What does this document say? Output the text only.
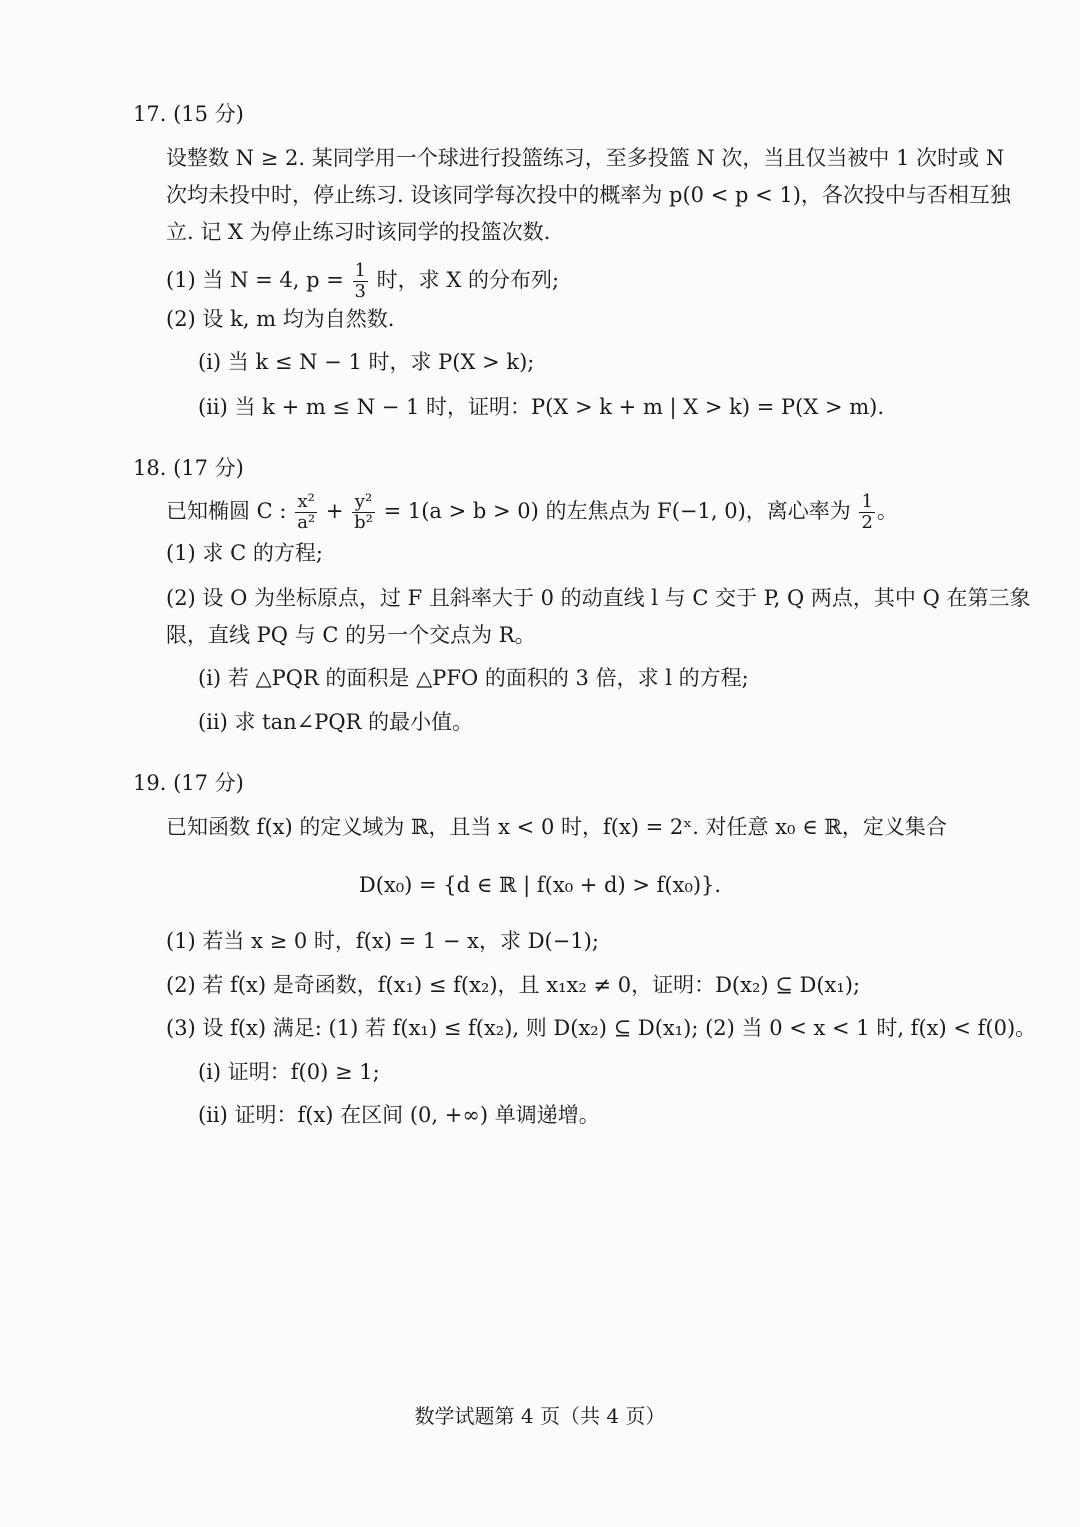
17. (15 分)
设整数 N ≥ 2. 某同学用一个球进行投篮练习，至多投篮 N 次，当且仅当被中 1 次时或 N
次均未投中时，停止练习. 设该同学每次投中的概率为 p(0 < p < 1)，各次投中与否相互独
立. 记 X 为停止练习时该同学的投篮次数.
(1) 当 N = 4, $p = \frac{1}{3}$ 时，求 X 的分布列;
(2) 设 k, m 均为自然数.
(i) 当 k ≤ N − 1 时，求 P(X > k);
(ii) 当 k + m ≤ N − 1 时，证明：P(X > k + m | X > k) = P(X > m).
18. (17 分)
已知椭圆 C : $\frac{\text{x²}}{\text{a²}} + \frac{\text{y²}}{\text{b²}} = 1(a > b > 0)$ 的左焦点为 F(−1, 0)，离心率为 $\frac{1}{2}$ 。
(1) 求 C 的方程;
(2) 设 O 为坐标原点，过 F 且斜率大于 0 的动直线 l 与 C 交于 P, Q 两点，其中 Q 在第三象
限，直线 PQ 与 C 的另一个交点为 R。
(i) 若 △PQR 的面积是 △PFO 的面积的 3 倍，求 l 的方程;
(ii) 求 tan∠PQR 的最小值。
19. (17 分)
已知函数 f(x) 的定义域为 ℝ，且当 x < 0 时，f(x) = 2ˣ. 对任意 x₀ ∈ ℝ，定义集合
D(x₀) = {d ∈ ℝ | f(x₀ + d) > f(x₀)}.
(1) 若当 x ≥ 0 时，f(x) = 1 − x，求 D(−1);
(2) 若 f(x) 是奇函数，f(x₁) ≤ f(x₂)，且 x₁x₂ ≠ 0，证明：D(x₂) ⊆ D(x₁);
(3) 设 f(x) 满足: (1) 若 f(x₁) ≤ f(x₂), 则 D(x₂) ⊆ D(x₁); (2) 当 0 < x < 1 时, f(x) < f(0)。
(i) 证明：f(0) ≥ 1;
(ii) 证明：f(x) 在区间 (0, +∞) 单调递增。
数学试题第 4 页（共 4 页）
